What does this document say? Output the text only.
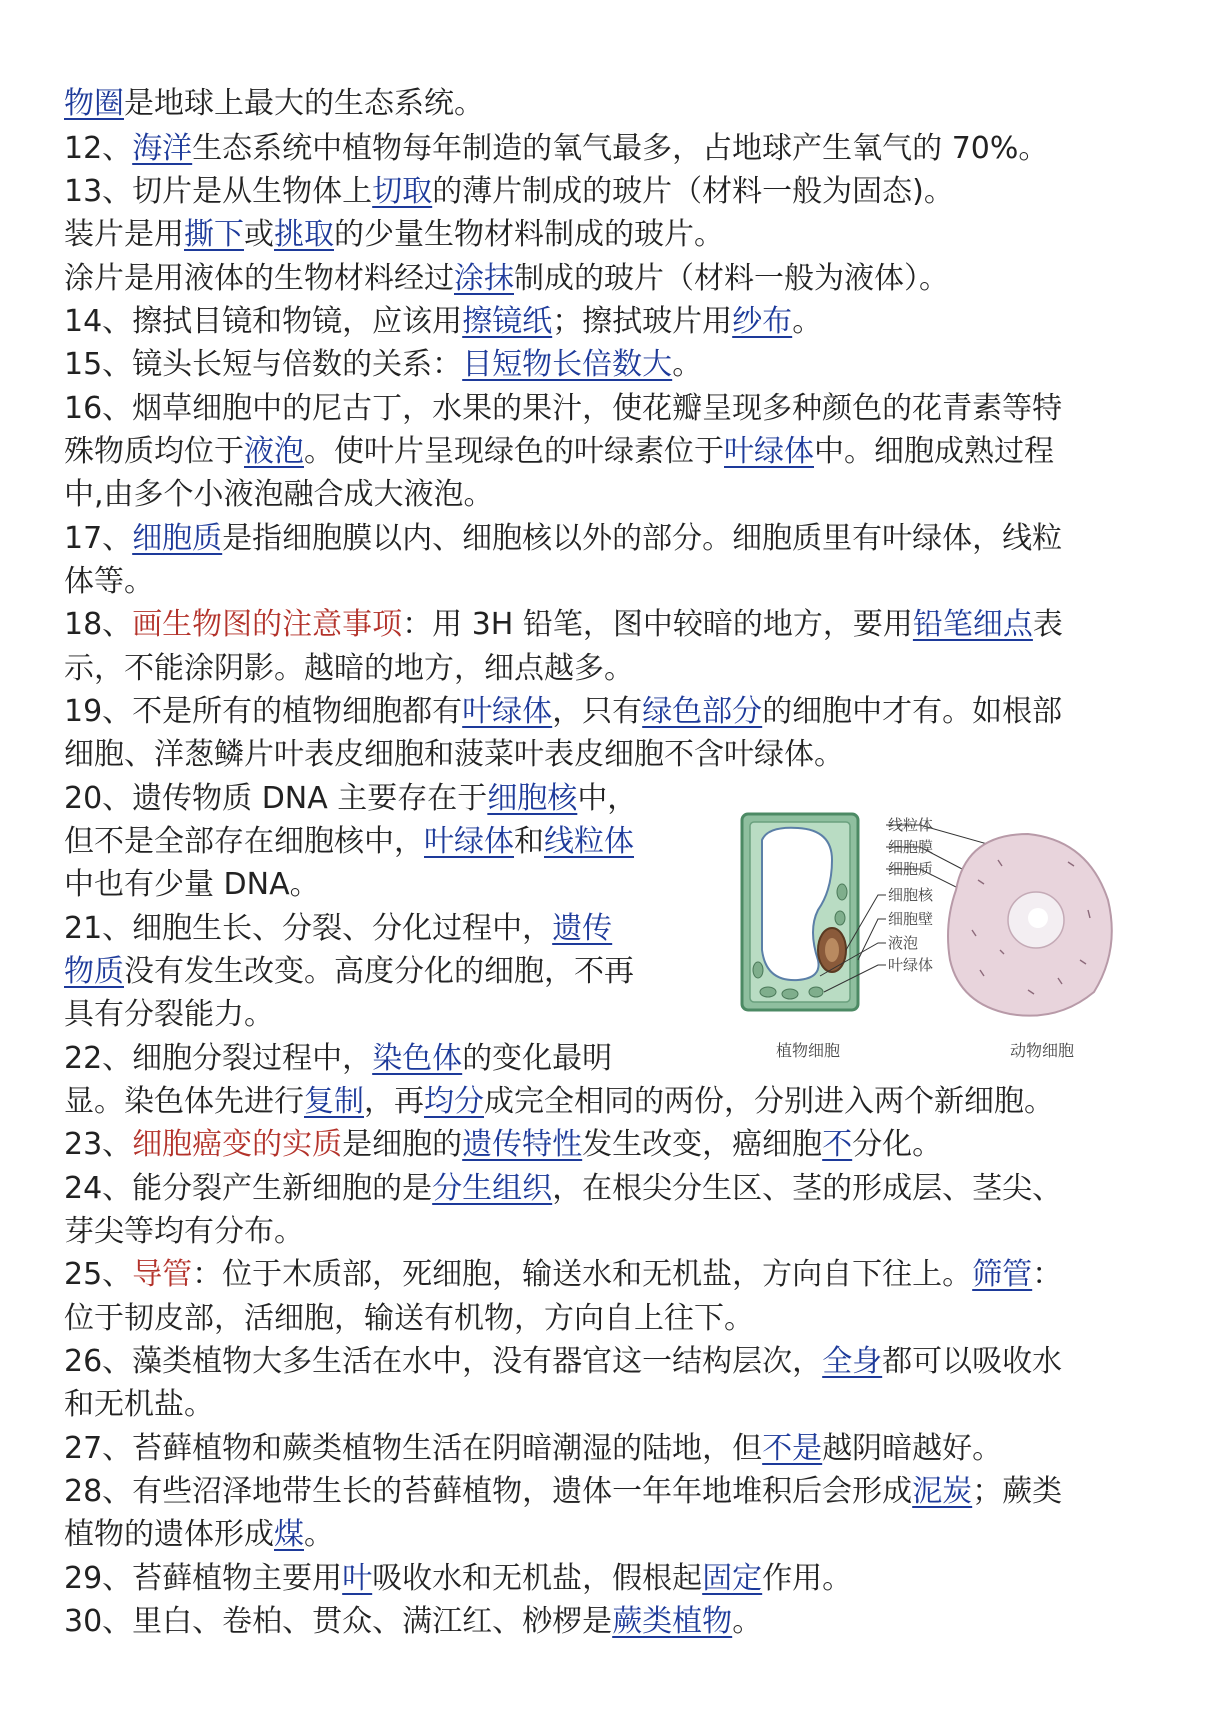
物圈是地球上最大的生态系统。
12、海洋生态系统中植物每年制造的氧气最多，占地球产生氧气的 70%。
13、切片是从生物体上切取的薄片制成的玻片（材料一般为固态)。
装片是用撕下或挑取的少量生物材料制成的玻片。
涂片是用液体的生物材料经过涂抹制成的玻片（材料一般为液体）。
14、擦拭目镜和物镜，应该用擦镜纸；擦拭玻片用纱布。
15、镜头长短与倍数的关系：目短物长倍数大。
16、烟草细胞中的尼古丁，水果的果汁，使花瓣呈现多种颜色的花青素等特
殊物质均位于液泡。使叶片呈现绿色的叶绿素位于叶绿体中。细胞成熟过程
中,由多个小液泡融合成大液泡。
17、细胞质是指细胞膜以内、细胞核以外的部分。细胞质里有叶绿体，线粒
体等。
18、画生物图的注意事项：用 3H 铅笔，图中较暗的地方，要用铅笔细点表
示，不能涂阴影。越暗的地方，细点越多。
19、不是所有的植物细胞都有叶绿体，只有绿色部分的细胞中才有。如根部
细胞、洋葱鳞片叶表皮细胞和菠菜叶表皮细胞不含叶绿体。
20、遗传物质 DNA 主要存在于细胞核中，
但不是全部存在细胞核中，叶绿体和线粒体
中也有少量 DNA。
21、细胞生长、分裂、分化过程中，遗传
物质没有发生改变。高度分化的细胞，不再
具有分裂能力。
22、细胞分裂过程中，染色体的变化最明
显。染色体先进行复制，再均分成完全相同的两份，分别进入两个新细胞。
23、细胞癌变的实质是细胞的遗传特性发生改变，癌细胞不分化。
24、能分裂产生新细胞的是分生组织，在根尖分生区、茎的形成层、茎尖、
芽尖等均有分布。
25、导管：位于木质部，死细胞，输送水和无机盐，方向自下往上。筛管：
位于韧皮部，活细胞，输送有机物，方向自上往下。
26、藻类植物大多生活在水中，没有器官这一结构层次，全身都可以吸收水
和无机盐。
27、苔藓植物和蕨类植物生活在阴暗潮湿的陆地，但不是越阴暗越好。
28、有些沼泽地带生长的苔藓植物，遗体一年年地堆积后会形成泥炭；蕨类
植物的遗体形成煤。
29、苔藓植物主要用叶吸收水和无机盐，假根起固定作用。
30、里白、卷柏、贯众、满江红、桫椤是蕨类植物。
线粒体
细胞膜
细胞质
细胞核
细胞壁
液泡
叶绿体
植物细胞	动物细胞
